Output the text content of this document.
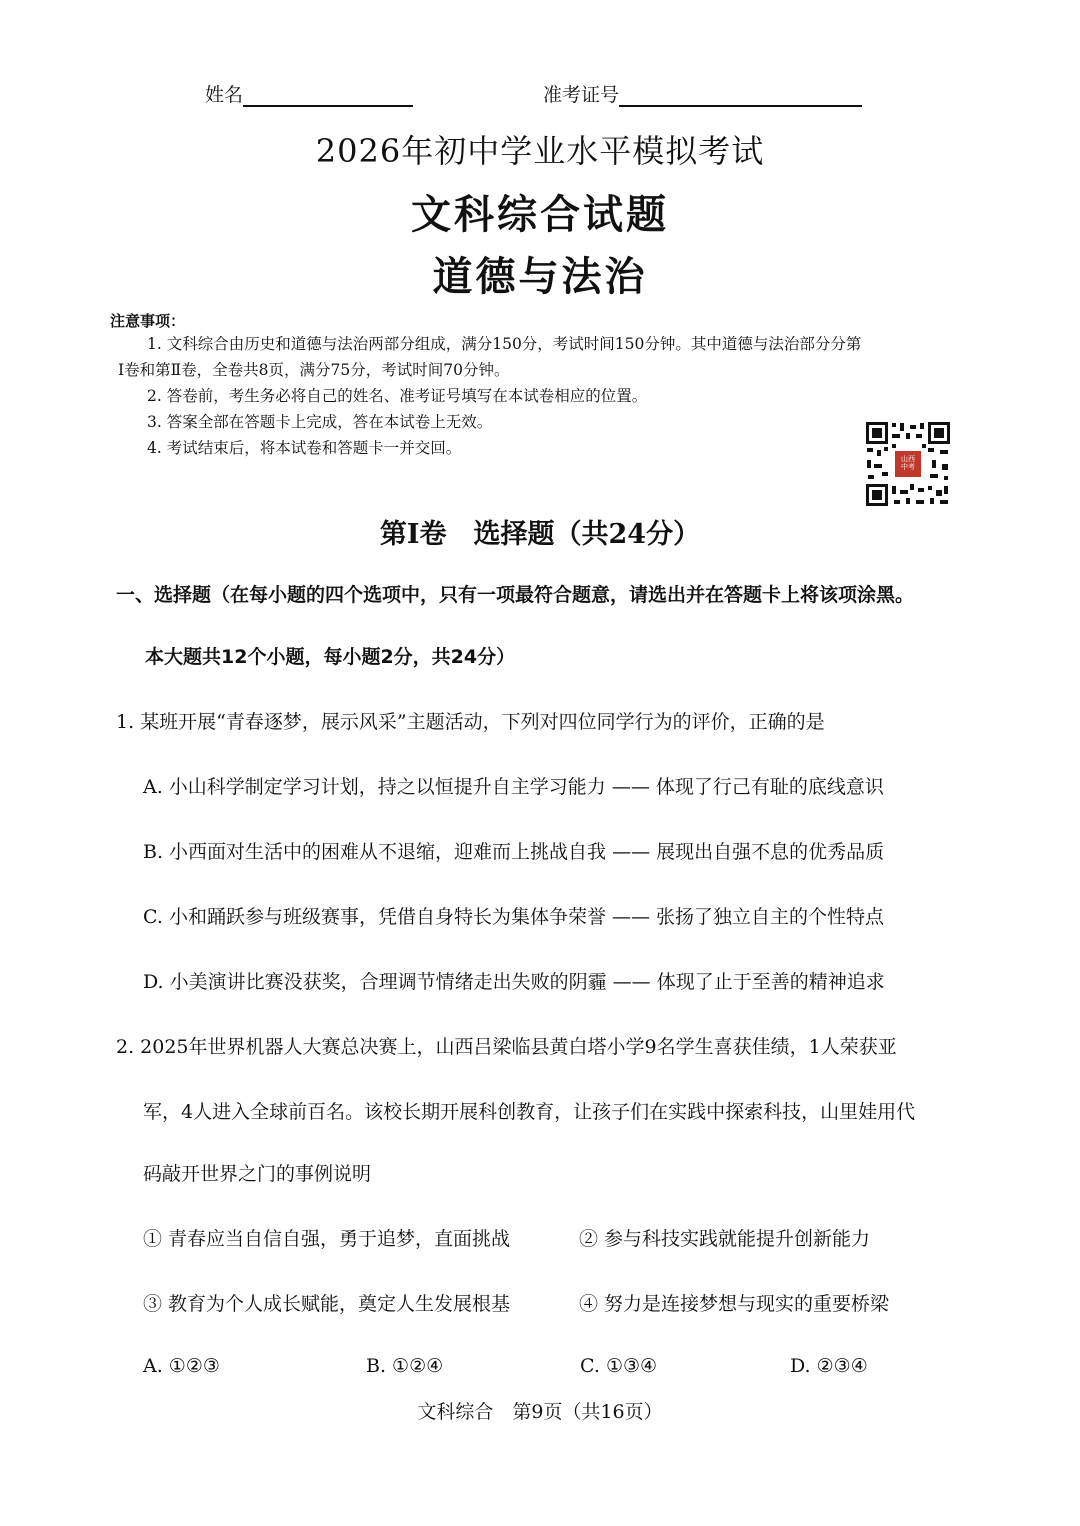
姓名	准考证号
2026年初中学业水平模拟考试
文科综合试题
道德与法治
注意事项：
1. 文科综合由历史和道德与法治两部分组成，满分150分，考试时间150分钟。其中道德与法治部分分第
Ⅰ卷和第Ⅱ卷，全卷共8页，满分75分，考试时间70分钟。
2. 答卷前，考生务必将自己的姓名、准考证号填写在本试卷相应的位置。
3. 答案全部在答题卡上完成，答在本试卷上无效。
4. 考试结束后，将本试卷和答题卡一并交回。
山西中考
第Ⅰ卷　选择题（共24分）
一、选择题（在每小题的四个选项中，只有一项最符合题意，请选出并在答题卡上将该项涂黑。
本大题共12个小题，每小题2分，共24分）
1. 某班开展“青春逐梦，展示风采”主题活动，下列对四位同学行为的评价，正确的是
A. 小山科学制定学习计划，持之以恒提升自主学习能力 —— 体现了行己有耻的底线意识
B. 小西面对生活中的困难从不退缩，迎难而上挑战自我 —— 展现出自强不息的优秀品质
C. 小和踊跃参与班级赛事，凭借自身特长为集体争荣誉 —— 张扬了独立自主的个性特点
D. 小美演讲比赛没获奖，合理调节情绪走出失败的阴霾 —— 体现了止于至善的精神追求
2. 2025年世界机器人大赛总决赛上，山西吕梁临县黄白塔小学9名学生喜获佳绩，1人荣获亚
军，4人进入全球前百名。该校长期开展科创教育，让孩子们在实践中探索科技，山里娃用代
码敲开世界之门的事例说明
① 青春应当自信自强，勇于追梦，直面挑战	② 参与科技实践就能提升创新能力
③ 教育为个人成长赋能，奠定人生发展根基	④ 努力是连接梦想与现实的重要桥梁
A. ①②③	B. ①②④	C. ①③④	D. ②③④
文科综合　第9页（共16页）
